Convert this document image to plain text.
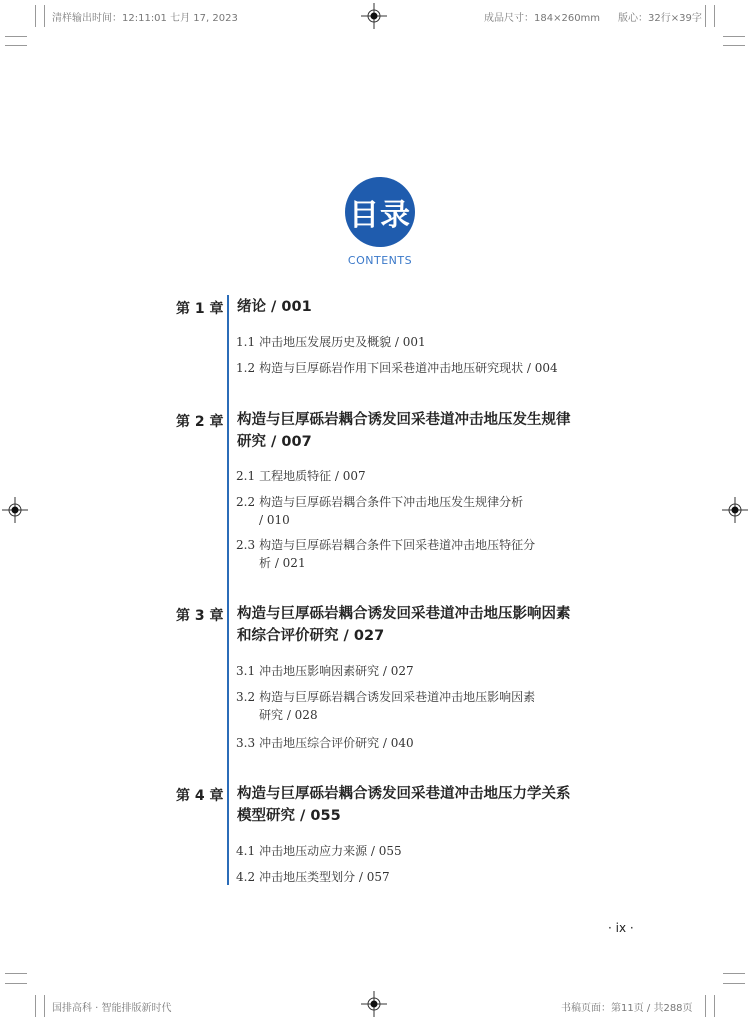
清样输出时间：12:11:01 七月 17, 2023	成品尺寸：184×260mm 版心：32行×39字
目录
CONTENTS
第 1 章 绪论 / 001
1.1 冲击地压发展历史及概貌 / 001
1.2 构造与巨厚砾岩作用下回采巷道冲击地压研究现状 / 004
第 2 章 构造与巨厚砾岩耦合诱发回采巷道冲击地压发生规律
研究 / 007
2.1 工程地质特征 / 007
2.2 构造与巨厚砾岩耦合条件下冲击地压发生规律分析
/ 010
2.3 构造与巨厚砾岩耦合条件下回采巷道冲击地压特征分
析 / 021
第 3 章 构造与巨厚砾岩耦合诱发回采巷道冲击地压影响因素
和综合评价研究 / 027
3.1 冲击地压影响因素研究 / 027
3.2 构造与巨厚砾岩耦合诱发回采巷道冲击地压影响因素
研究 / 028
3.3 冲击地压综合评价研究 / 040
第 4 章 构造与巨厚砾岩耦合诱发回采巷道冲击地压力学关系
模型研究 / 055
4.1 冲击地压动应力来源 / 055
4.2 冲击地压类型划分 / 057
· ix ·
国排高科 · 智能排版新时代	书稿页面：第11页 / 共288页
